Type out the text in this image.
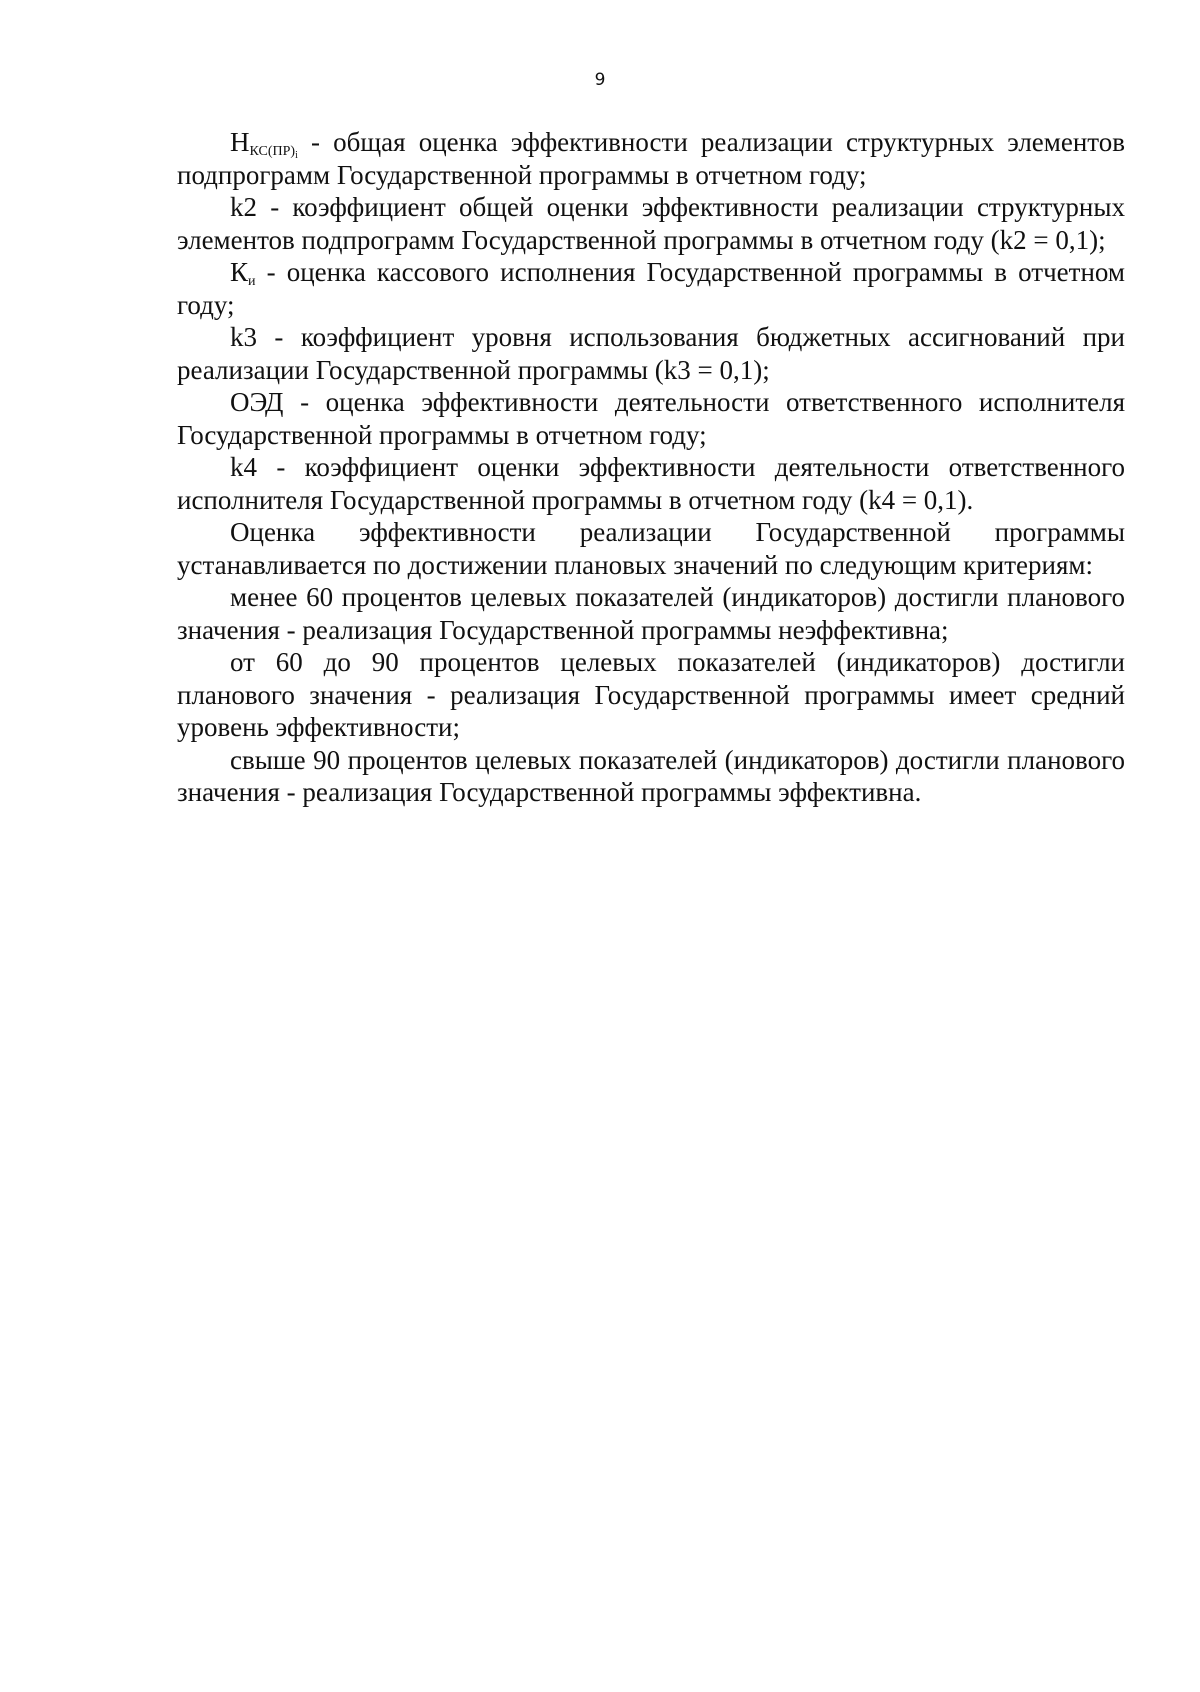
9

$Н_{КС(ПР)_i}$ - общая оценка эффективности реализации структурных элементов подпрограмм Государственной программы в отчетном году;

k2 - коэффициент общей оценки эффективности реализации структурных элементов подпрограмм Государственной программы в отчетном году (k2 = 0,1);

$К_и$ - оценка кассового исполнения Государственной программы в отчетном году;

k3 - коэффициент уровня использования бюджетных ассигнований при реализации Государственной программы (k3 = 0,1);

ОЭД - оценка эффективности деятельности ответственного исполнителя Государственной программы в отчетном году;

k4 - коэффициент оценки эффективности деятельности ответственного исполнителя Государственной программы в отчетном году (k4 = 0,1).

Оценка эффективности реализации Государственной программы устанавливается по достижении плановых значений по следующим критериям:

менее 60 процентов целевых показателей (индикаторов) достигли планового значения - реализация Государственной программы неэффективна;

от 60 до 90 процентов целевых показателей (индикаторов) достигли планового значения - реализация Государственной программы имеет средний уровень эффективности;

свыше 90 процентов целевых показателей (индикаторов) достигли планового значения - реализация Государственной программы эффективна.
